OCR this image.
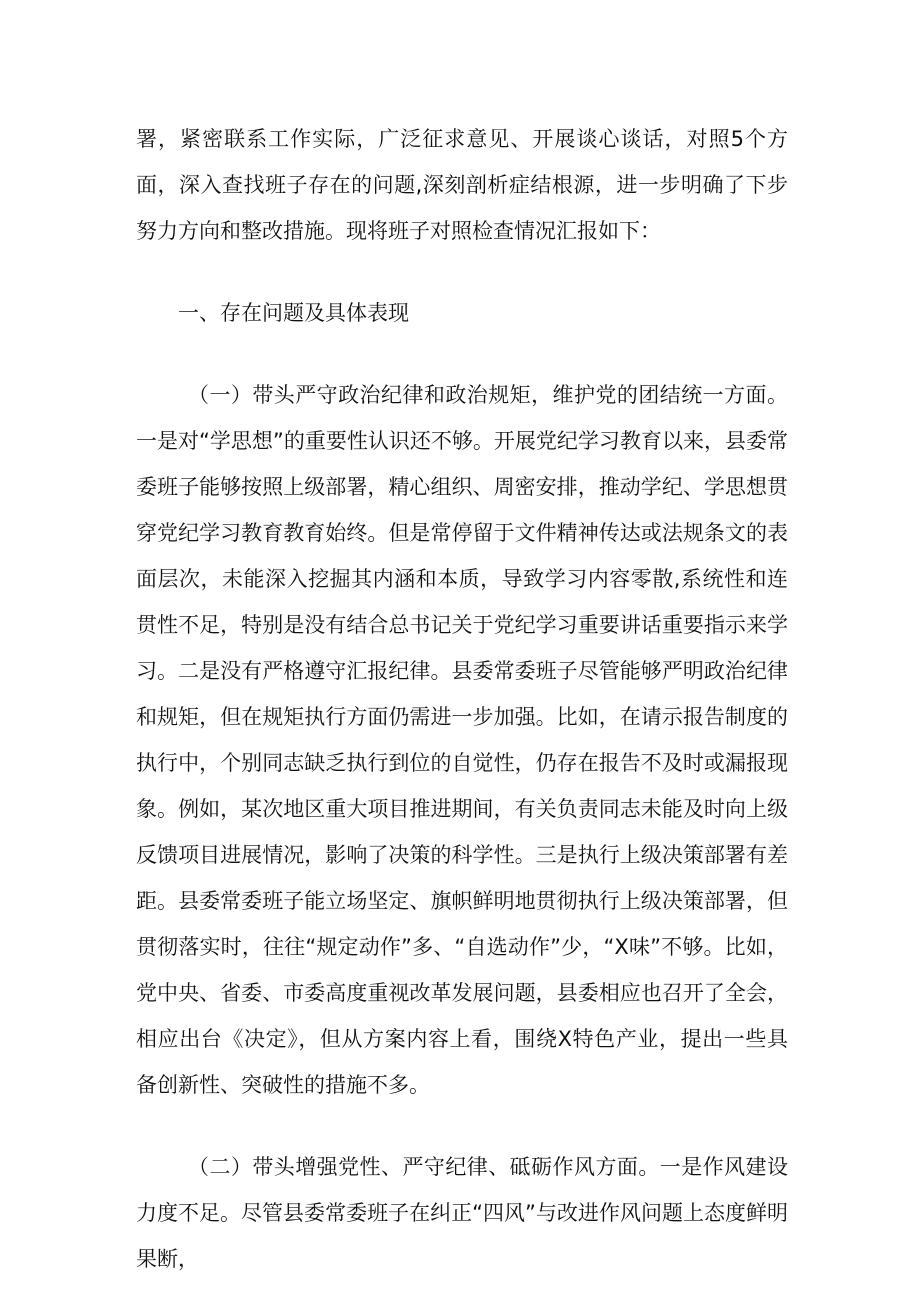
署，紧密联系工作实际，广泛征求意见、开展谈心谈话，对照5个方面，深入查找班子存在的问题,深刻剖析症结根源，进一步明确了下步努力方向和整改措施。现将班子对照检查情况汇报如下：

一、存在问题及具体表现

（一）带头严守政治纪律和政治规矩，维护党的团结统一方面。一是对“学思想”的重要性认识还不够。开展党纪学习教育以来，县委常委班子能够按照上级部署，精心组织、周密安排，推动学纪、学思想贯穿党纪学习教育教育始终。但是常停留于文件精神传达或法规条文的表面层次，未能深入挖掘其内涵和本质，导致学习内容零散,系统性和连贯性不足，特别是没有结合总书记关于党纪学习重要讲话重要指示来学习。二是没有严格遵守汇报纪律。县委常委班子尽管能够严明政治纪律和规矩，但在规矩执行方面仍需进一步加强。比如，在请示报告制度的执行中，个别同志缺乏执行到位的自觉性，仍存在报告不及时或漏报现象。例如，某次地区重大项目推进期间，有关负责同志未能及时向上级反馈项目进展情况，影响了决策的科学性。三是执行上级决策部署有差距。县委常委班子能立场坚定、旗帜鲜明地贯彻执行上级决策部署，但贯彻落实时，往往“规定动作”多、“自选动作”少，“X味”不够。比如，党中央、省委、市委高度重视改革发展问题，县委相应也召开了全会，相应出台《决定》，但从方案内容上看，围绕X特色产业，提出一些具备创新性、突破性的措施不多。

（二）带头增强党性、严守纪律、砥砺作风方面。一是作风建设力度不足。尽管县委常委班子在纠正“四风”与改进作风问题上态度鲜明果断，
